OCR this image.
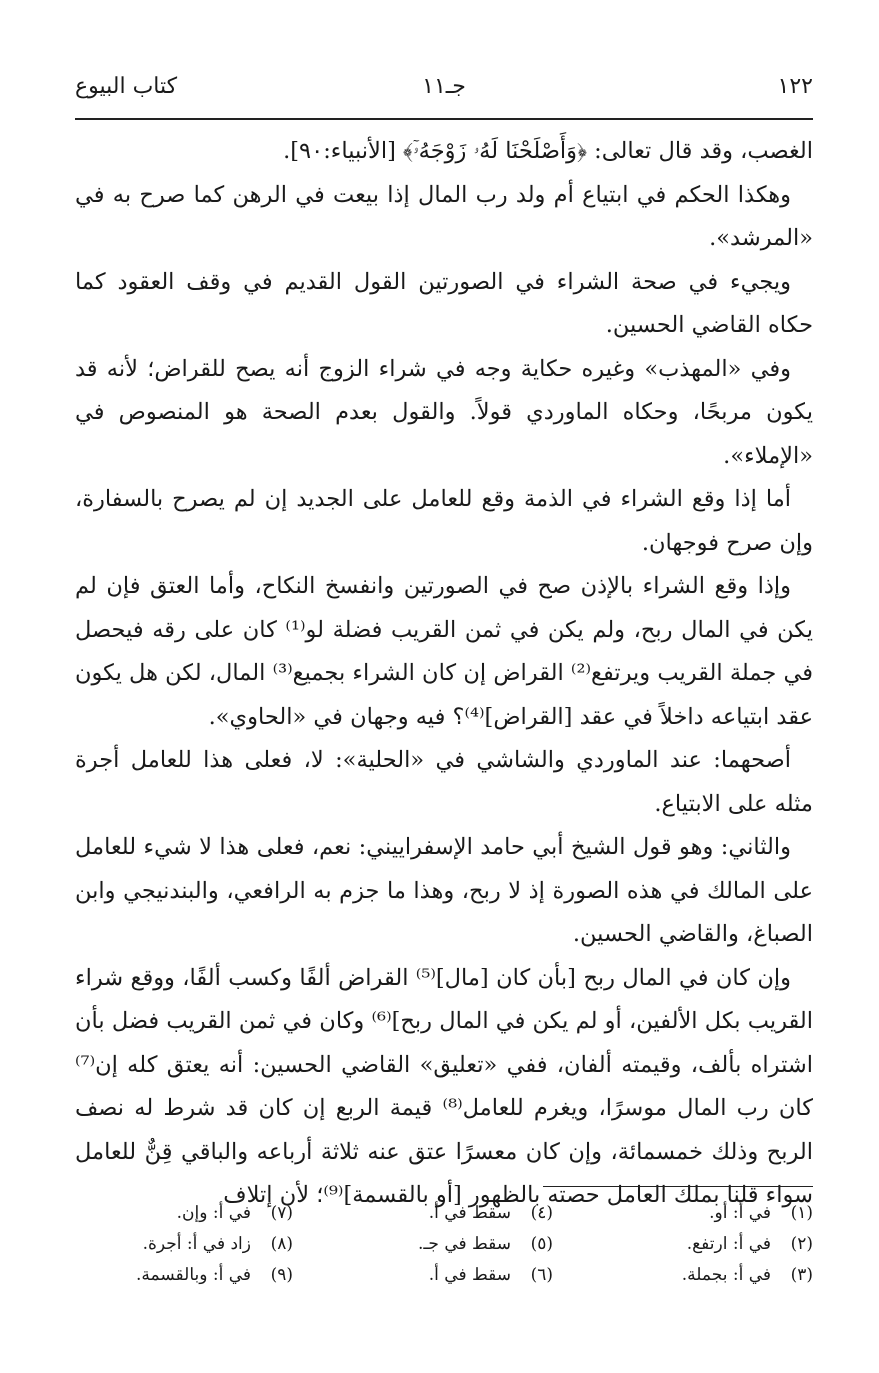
١٢٢
جـ١١
كتاب البيوع

الغصب، وقد قال تعالى: ﴿وَأَصْلَحْنَا لَهُۥ زَوْجَهُۥٓ﴾ [الأنبياء:٩٠].

وهكذا الحكم في ابتياع أم ولد رب المال إذا بيعت في الرهن كما صرح به في «المرشد».

ويجيء في صحة الشراء في الصورتين القول القديم في وقف العقود كما حكاه القاضي الحسين.

وفي «المهذب» وغيره حكاية وجه في شراء الزوج أنه يصح للقراض؛ لأنه قد يكون مربحًا، وحكاه الماوردي قولاً. والقول بعدم الصحة هو المنصوص في «الإملاء».

أما إذا وقع الشراء في الذمة وقع للعامل على الجديد إن لم يصرح بالسفارة، وإن صرح فوجهان.

وإذا وقع الشراء بالإذن صح في الصورتين وانفسخ النكاح، وأما العتق فإن لم يكن في المال ربح، ولم يكن في ثمن القريب فضلة لو⁽¹⁾ كان على رقه فيحصل في جملة القريب ويرتفع⁽²⁾ القراض إن كان الشراء بجميع⁽³⁾ المال، لكن هل يكون عقد ابتياعه داخلاً في عقد [القراض]⁽⁴⁾؟ فيه وجهان في «الحاوي».

أصحهما: عند الماوردي والشاشي في «الحلية»: لا، فعلى هذا للعامل أجرة مثله على الابتياع.

والثاني: وهو قول الشيخ أبي حامد الإسفراييني: نعم، فعلى هذا لا شيء للعامل على المالك في هذه الصورة إذ لا ربح، وهذا ما جزم به الرافعي، والبندنيجي وابن الصباغ، والقاضي الحسين.

وإن كان في المال ربح [بأن كان [مال]⁽⁵⁾ القراض ألفًا وكسب ألفًا، ووقع شراء القريب بكل الألفين، أو لم يكن في المال ربح]⁽⁶⁾ وكان في ثمن القريب فضل بأن اشتراه بألف، وقيمته ألفان، ففي «تعليق» القاضي الحسين: أنه يعتق كله إن⁽⁷⁾ كان رب المال موسرًا، ويغرم للعامل⁽⁸⁾ قيمة الربع إن كان قد شرط له نصف الربح وذلك خمسمائة، وإن كان معسرًا عتق عنه ثلاثة أرباعه والباقي قِنٌّ للعامل سواء قلنا بملك العامل حصته بالظهور [أو بالقسمة]⁽⁹⁾؛ لأن إتلاف

(١)في أ: أو.
(٢)في أ: ارتفع.
(٣)في أ: بجملة.
(٤)سقط في أ.
(٥)سقط في جـ.
(٦)سقط في أ.
(٧)في أ: وإن.
(٨)زاد في أ: أجرة.
(٩)في أ: وبالقسمة.
